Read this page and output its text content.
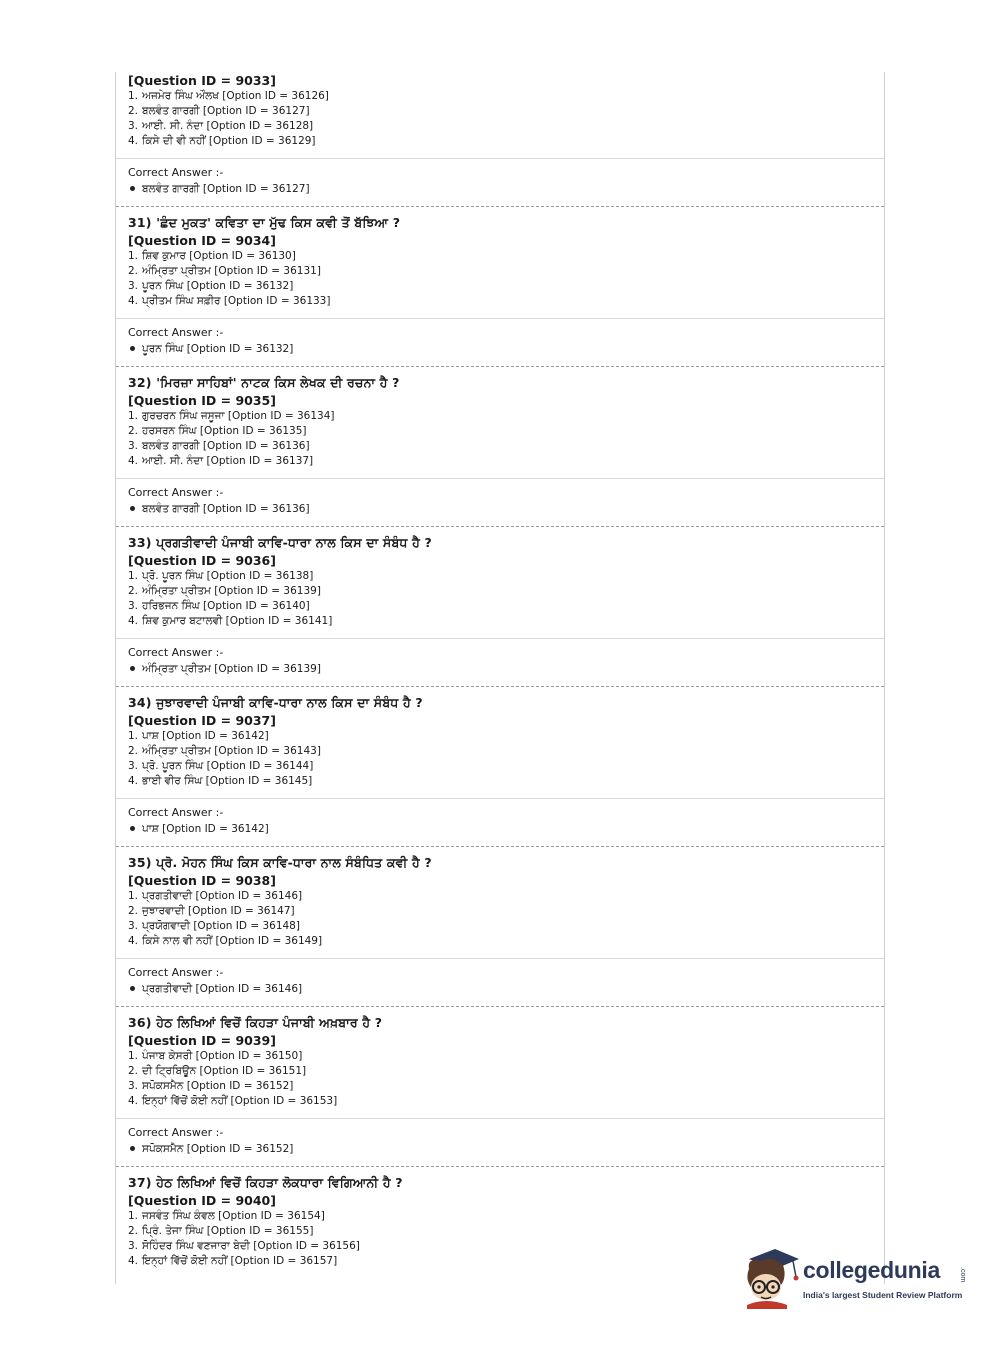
[Question ID = 9033]
1. ਅਜਮੇਰ ਸਿੰਘ ਔਲਖ [Option ID = 36126]
2. ਬਲਵੰਤ ਗਾਰਗੀ [Option ID = 36127]
3. ਆਈ. ਸੀ. ਨੰਦਾ [Option ID = 36128]
4. ਕਿਸੇ ਦੀ ਵੀ ਨਹੀਂ [Option ID = 36129]
Correct Answer :-
ਬਲਵੰਤ ਗਾਰਗੀ [Option ID = 36127]
31) 'ਛੰਦ ਮੁਕਤ' ਕਵਿਤਾ ਦਾ ਮੁੱਢ ਕਿਸ ਕਵੀ ਤੋਂ ਬੱਝਿਆ ?
[Question ID = 9034]
1. ਸ਼ਿਵ ਕੁਮਾਰ [Option ID = 36130]
2. ਅੰਮ੍ਰਿਤਾ ਪ੍ਰੀਤਮ [Option ID = 36131]
3. ਪੂਰਨ ਸਿੰਘ [Option ID = 36132]
4. ਪ੍ਰੀਤਮ ਸਿੰਘ ਸਫ਼ੀਰ [Option ID = 36133]
Correct Answer :-
ਪੂਰਨ ਸਿੰਘ [Option ID = 36132]
32) 'ਮਿਰਜ਼ਾ ਸਾਹਿਬਾਂ' ਨਾਟਕ ਕਿਸ ਲੇਖਕ ਦੀ ਰਚਨਾ ਹੈ ?
[Question ID = 9035]
1. ਗੁਰਚਰਨ ਸਿੰਘ ਜਸੂਜਾ [Option ID = 36134]
2. ਹਰਸਰਨ ਸਿੰਘ [Option ID = 36135]
3. ਬਲਵੰਤ ਗਾਰਗੀ [Option ID = 36136]
4. ਆਈ. ਸੀ. ਨੰਦਾ [Option ID = 36137]
Correct Answer :-
ਬਲਵੰਤ ਗਾਰਗੀ [Option ID = 36136]
33) ਪ੍ਰਗਤੀਵਾਦੀ ਪੰਜਾਬੀ ਕਾਵਿ-ਧਾਰਾ ਨਾਲ ਕਿਸ ਦਾ ਸੰਬੰਧ ਹੈ ?
[Question ID = 9036]
1. ਪ੍ਰੋ. ਪੂਰਨ ਸਿੰਘ [Option ID = 36138]
2. ਅੰਮ੍ਰਿਤਾ ਪ੍ਰੀਤਮ [Option ID = 36139]
3. ਹਰਿਭਜਨ ਸਿੰਘ [Option ID = 36140]
4. ਸ਼ਿਵ ਕੁਮਾਰ ਬਟਾਲਵੀ [Option ID = 36141]
Correct Answer :-
ਅੰਮ੍ਰਿਤਾ ਪ੍ਰੀਤਮ [Option ID = 36139]
34) ਜੁਝਾਰਵਾਦੀ ਪੰਜਾਬੀ ਕਾਵਿ-ਧਾਰਾ ਨਾਲ ਕਿਸ ਦਾ ਸੰਬੰਧ ਹੈ ?
[Question ID = 9037]
1. ਪਾਸ਼ [Option ID = 36142]
2. ਅੰਮ੍ਰਿਤਾ ਪ੍ਰੀਤਮ [Option ID = 36143]
3. ਪ੍ਰੋ. ਪੂਰਨ ਸਿੰਘ [Option ID = 36144]
4. ਭਾਈ ਵੀਰ ਸਿੰਘ [Option ID = 36145]
Correct Answer :-
ਪਾਸ਼ [Option ID = 36142]
35) ਪ੍ਰੋ. ਮੋਹਨ ਸਿੰਘ ਕਿਸ ਕਾਵਿ-ਧਾਰਾ ਨਾਲ ਸੰਬੰਧਿਤ ਕਵੀ ਹੈ ?
[Question ID = 9038]
1. ਪ੍ਰਗਤੀਵਾਦੀ [Option ID = 36146]
2. ਜੁਝਾਰਵਾਦੀ [Option ID = 36147]
3. ਪ੍ਰਯੋਗਵਾਦੀ [Option ID = 36148]
4. ਕਿਸੇ ਨਾਲ ਵੀ ਨਹੀਂ [Option ID = 36149]
Correct Answer :-
ਪ੍ਰਗਤੀਵਾਦੀ [Option ID = 36146]
36) ਹੇਠ ਲਿਖਿਆਂ ਵਿਚੋਂ ਕਿਹੜਾ ਪੰਜਾਬੀ ਅਖ਼ਬਾਰ ਹੈ ?
[Question ID = 9039]
1. ਪੰਜਾਬ ਕੇਸਰੀ [Option ID = 36150]
2. ਦੀ ਟ੍ਰਿਬਿਊਨ [Option ID = 36151]
3. ਸਪੋਕਸਮੈਨ [Option ID = 36152]
4. ਇਨ੍ਹਾਂ ਵਿੱਚੋਂ ਕੋਈ ਨਹੀਂ [Option ID = 36153]
Correct Answer :-
ਸਪੋਕਸਮੈਨ [Option ID = 36152]
37) ਹੇਠ ਲਿਖਿਆਂ ਵਿਚੋਂ ਕਿਹੜਾ ਲੋਕਧਾਰਾ ਵਿਗਿਆਨੀ ਹੈ ?
[Question ID = 9040]
1. ਜਸਵੰਤ ਸਿੰਘ ਕੰਵਲ [Option ID = 36154]
2. ਪ੍ਰਿੰ. ਤੇਜਾ ਸਿੰਘ [Option ID = 36155]
3. ਸੋਹਿੰਦਰ ਸਿੰਘ ਵਣਜਾਰਾ ਬੇਦੀ [Option ID = 36156]
4. ਇਨ੍ਹਾਂ ਵਿੱਚੋਂ ਕੋਈ ਨਹੀਂ [Option ID = 36157]	collegedunia	.com
India's largest Student Review Platform
